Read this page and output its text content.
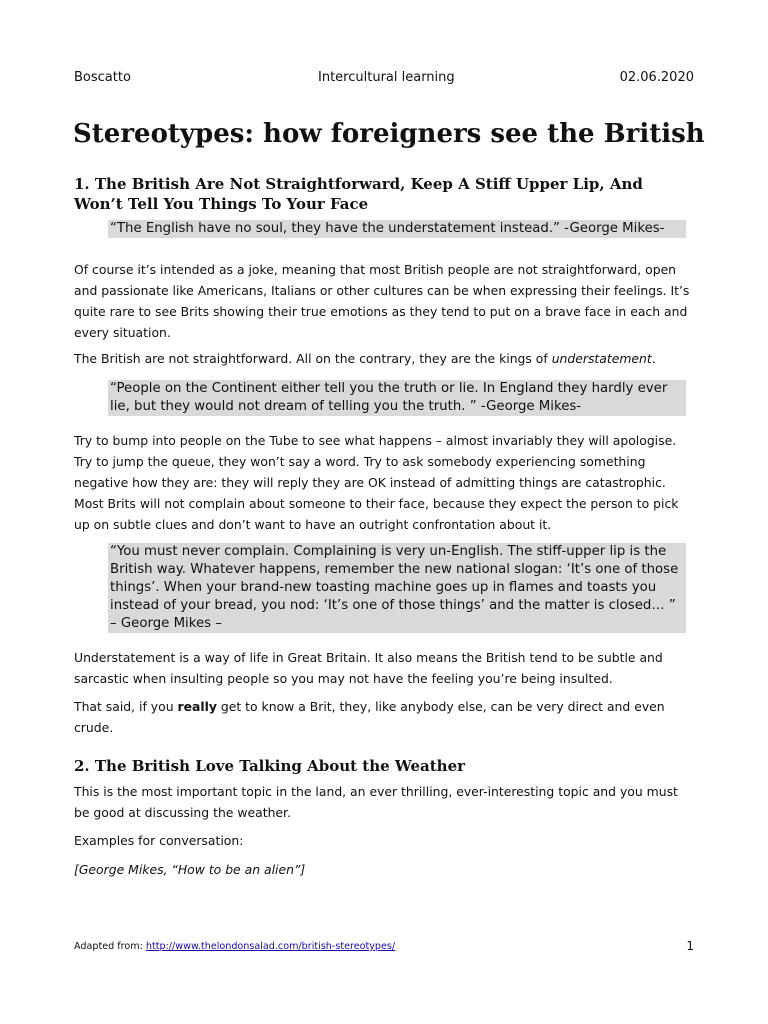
Boscatto	Intercultural learning	02.06.2020
Stereotypes: how foreigners see the British
1. The British Are Not Straightforward, Keep A Stiff Upper Lip, And Won’t Tell You Things To Your Face
“The English have no soul, they have the understatement instead.” -George Mikes-

Of course it’s intended as a joke, meaning that most British people are not straightforward, open and passionate like Americans, Italians or other cultures can be when expressing their feelings. It’s quite rare to see Brits showing their true emotions as they tend to put on a brave face in each and every situation.

The British are not straightforward. All on the contrary, they are the kings of understatement.

“People on the Continent either tell you the truth or lie. In England they hardly ever lie, but they would not dream of telling you the truth. ” -George Mikes-

Try to bump into people on the Tube to see what happens – almost invariably they will apologise. Try to jump the queue, they won’t say a word. Try to ask somebody experiencing something negative how they are: they will reply they are OK instead of admitting things are catastrophic. Most Brits will not complain about someone to their face, because they expect the person to pick up on subtle clues and don’t want to have an outright confrontation about it.

“You must never complain. Complaining is very un-English. The stiff-upper lip is the British way. Whatever happens, remember the new national slogan: ‘It’s one of those things’. When your brand-new toasting machine goes up in flames and toasts you instead of your bread, you nod: ‘It’s one of those things’ and the matter is closed… ” – George Mikes –

Understatement is a way of life in Great Britain. It also means the British tend to be subtle and sarcastic when insulting people so you may not have the feeling you’re being insulted.

That said, if you really get to know a Brit, they, like anybody else, can be very direct and even crude.

2. The British Love Talking About the Weather

This is the most important topic in the land, an ever thrilling, ever-interesting topic and you must be good at discussing the weather.

Examples for conversation:

[George Mikes, “How to be an alien”]

Adapted from: http://www.thelondonsalad.com/british-stereotypes/	1
